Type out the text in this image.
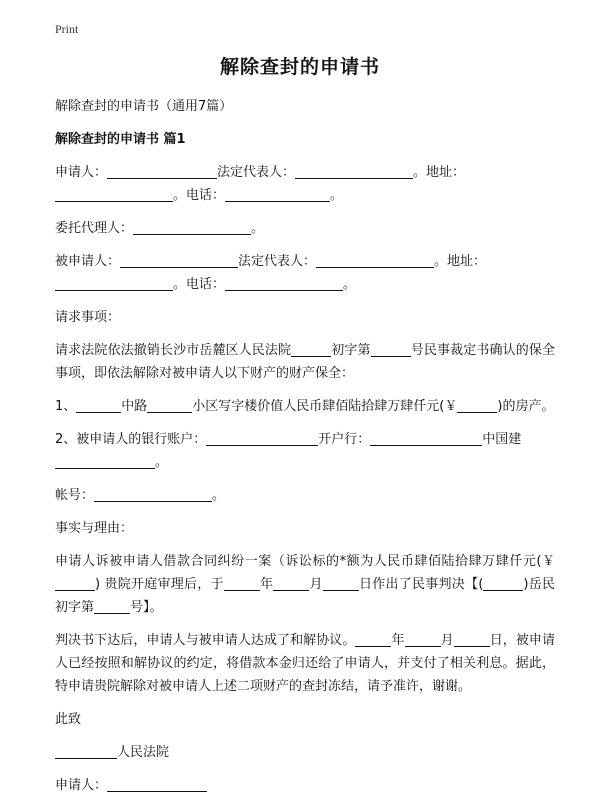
Print
解除查封的申请书

解除查封的申请书（通用7篇）

解除查封的申请书 篇1

申请人：	法定代表人：	。地址：
。电话：	。

委托代理人：	。

被申请人：	法定代表人：	。地址：
。电话：	。

请求事项：

请求法院依法撤销长沙市岳麓区人民法院	初字第	号民事裁定书确认的保全事项，即依法解除对被申请人以下财产的财产保全：

1、	中路	小区写字楼价值人民币肆佰陆拾肆万肆仟元(￥	)的房产。

2、被申请人的银行账户：	开户行：	中国建
。

帐号：	。

事实与理由：

申请人诉被申请人借款合同纠纷一案（诉讼标的*额为人民币肆佰陆拾肆万肆仟元(￥) 贵院开庭审理后，于	年	月	日作出了民事判决【(	)岳民初字第	号】。

判决书下达后，申请人与被申请人达成了和解协议。	年	月	日，被申请人已经按照和解协议的约定，将借款本金归还给了申请人，并支付了相关利息。据此，特申请贵院解除对被申请人上述二项财产的查封冻结，请予准许，谢谢。

此致

人民法院

申请人：
